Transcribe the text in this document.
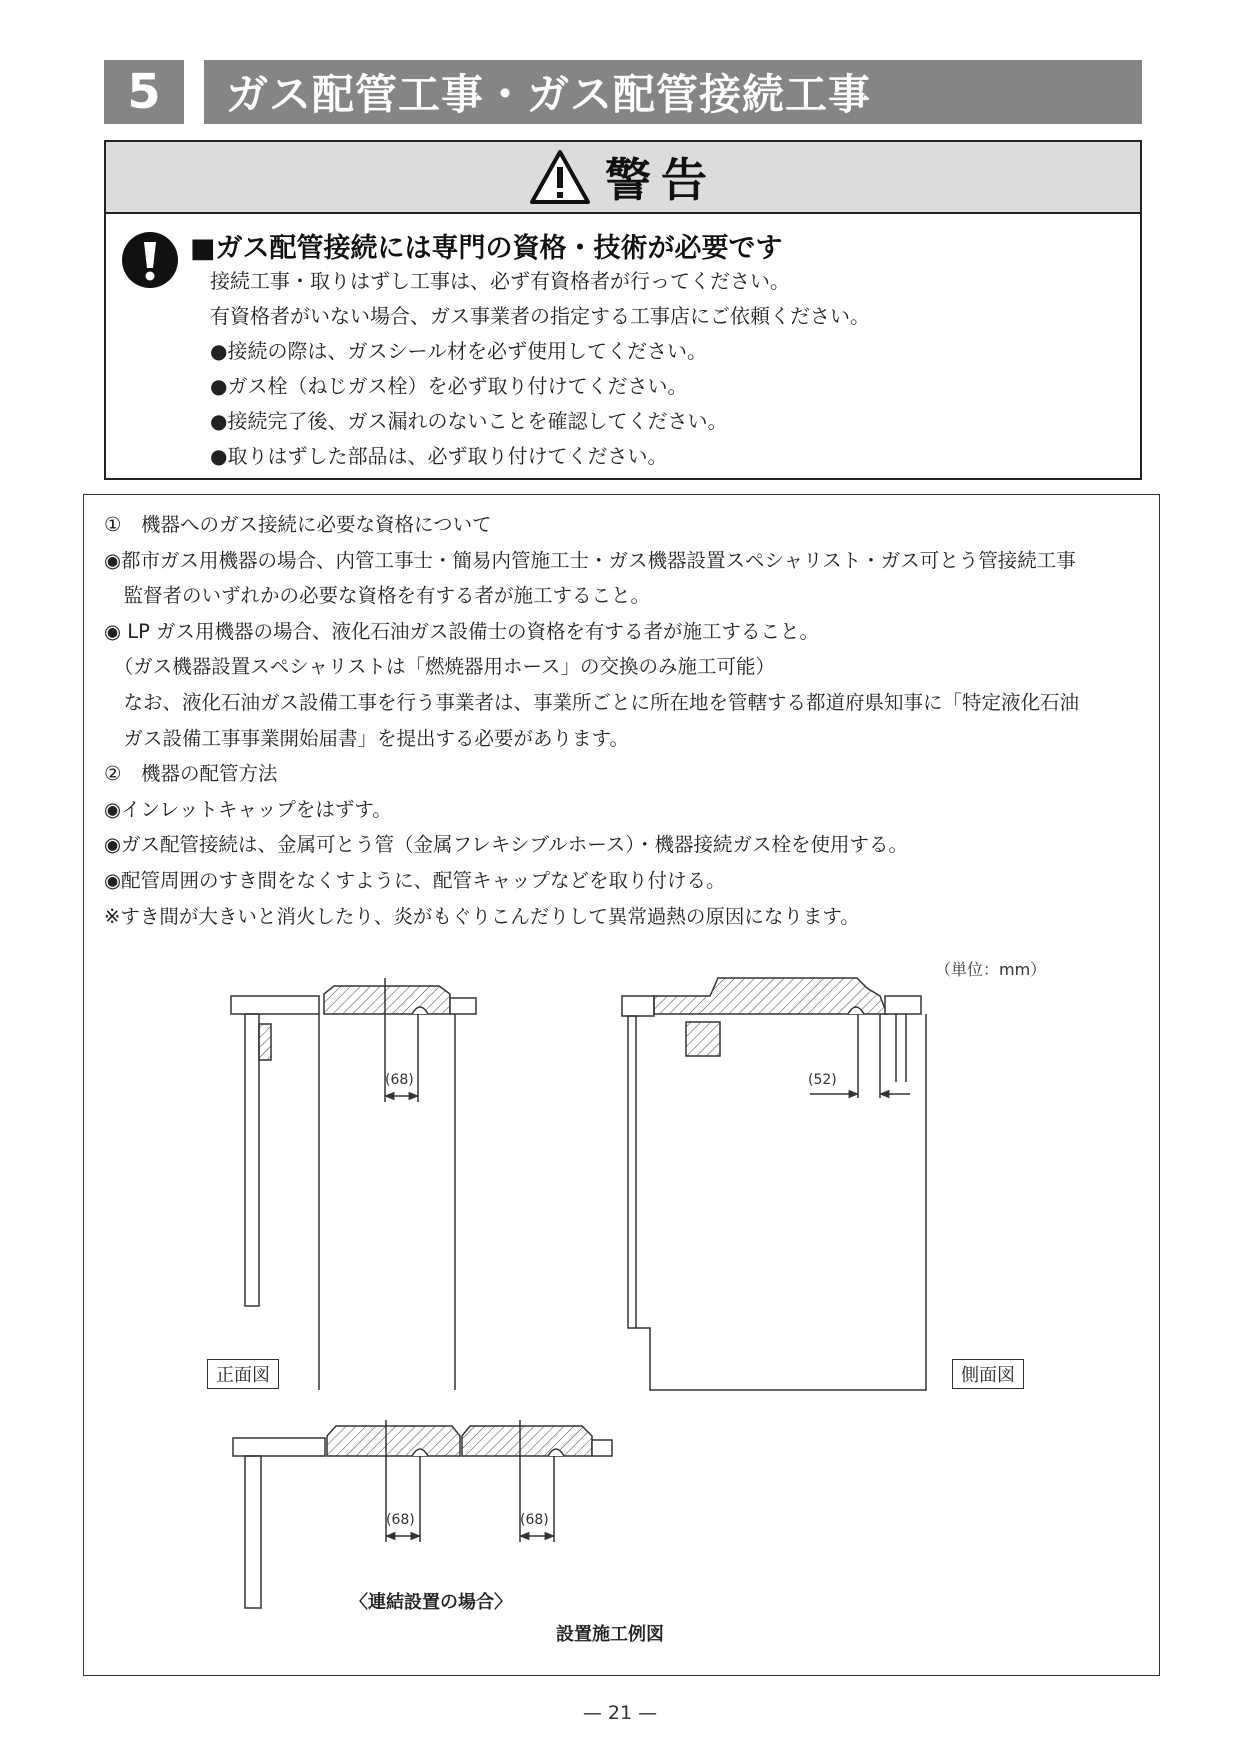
5	ガス配管工事・ガス配管接続工事
警告
■ガス配管接続には専門の資格・技術が必要です
接続工事・取りはずし工事は、必ず有資格者が行ってください。
有資格者がいない場合、ガス事業者の指定する工事店にご依頼ください。
●接続の際は、ガスシール材を必ず使用してください。
●ガス栓（ねじガス栓）を必ず取り付けてください。
●接続完了後、ガス漏れのないことを確認してください。
●取りはずした部品は、必ず取り付けてください。
①　機器へのガス接続に必要な資格について
◉都市ガス用機器の場合、内管工事士・簡易内管施工士・ガス機器設置スペシャリスト・ガス可とう管接続工事
　監督者のいずれかの必要な資格を有する者が施工すること。
◉ LP ガス用機器の場合、液化石油ガス設備士の資格を有する者が施工すること。
　（ガス機器設置スペシャリストは「燃焼器用ホース」の交換のみ施工可能）
　なお、液化石油ガス設備工事を行う事業者は、事業所ごとに所在地を管轄する都道府県知事に「特定液化石油
　ガス設備工事事業開始届書」を提出する必要があります。
②　機器の配管方法
◉インレットキャップをはずす。
◉ガス配管接続は、金属可とう管（金属フレキシブルホース）・機器接続ガス栓を使用する。
◉配管周囲のすき間をなくすように、配管キャップなどを取り付ける。
※すき間が大きいと消火したり、炎がもぐりこんだりして異常過熱の原因になります。
（単位：mm）
(68)	(52)
(68)	(68)
正面図	側面図
〈連結設置の場合〉
設置施工例図
— 21 —
